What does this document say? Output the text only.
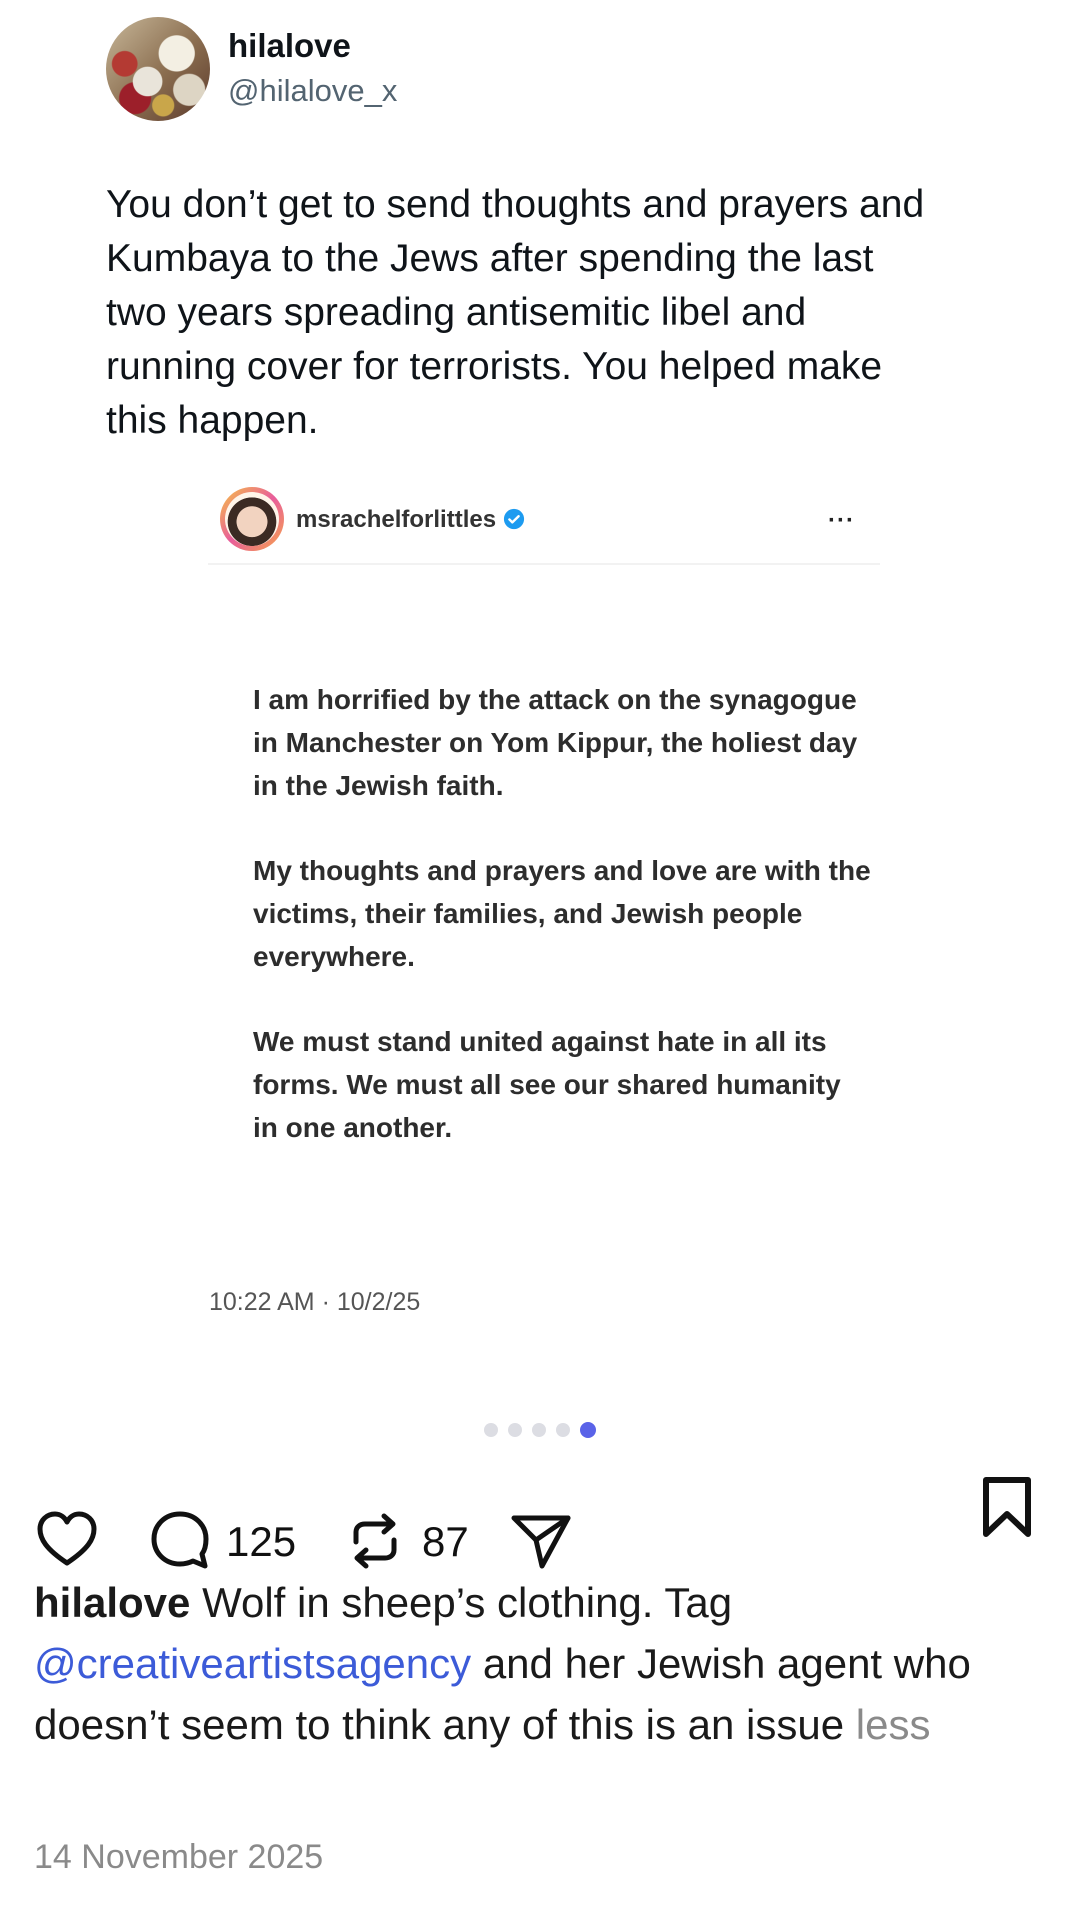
hilalove
@hilalove_x
You don’t get to send thoughts and prayers and
Kumbaya to the Jews after spending the last
two years spreading antisemitic libel and
running cover for terrorists. You helped make
this happen.
msrachelforlittles	···

I am horrified by the attack on the synagogue in Manchester on Yom Kippur, the holiest day in the Jewish faith.

My thoughts and prayers and love are with the victims, their families, and Jewish people everywhere.

We must stand united against hate in all its forms. We must all see our shared humanity in one another.

10:22 AM · 10/2/25
125	87
hilalove Wolf in sheep’s clothing. Tag @creativeartistsagency and her Jewish agent who doesn’t seem to think any of this is an issue less
14 November 2025
